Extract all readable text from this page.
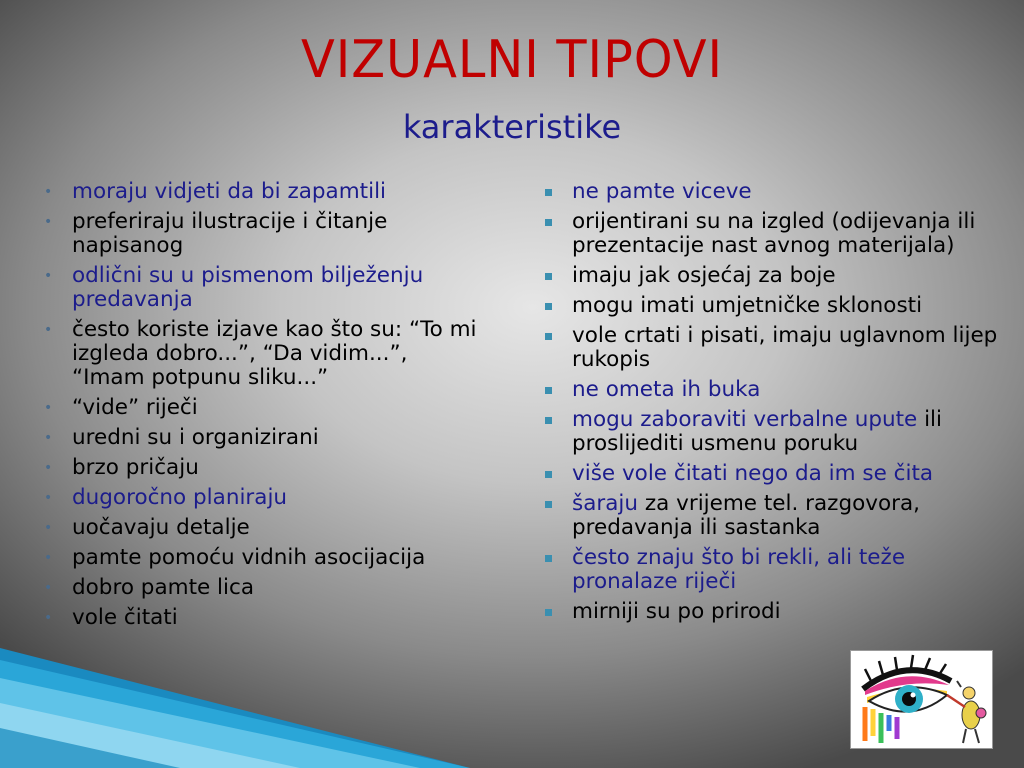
VIZUALNI TIPOVI
karakteristike
• moraju vidjeti da bi zapamtili
• preferiraju ilustracije i čitanje napisanog
• odlični su u pismenom bilježenju predavanja
• često koriste izjave kao što su: “To mi izgleda dobro...”, “Da vidim...”, “Imam potpunu sliku...”
• “vide” riječi
• uredni su i organizirani
• brzo pričaju
• dugoročno planiraju
• uočavaju detalje
• pamte pomoću vidnih asocijacija
• dobro pamte lica
• vole čitati
ne pamte viceve
orijentirani su na izgled (odijevanja ili prezentacije nast avnog materijala)
imaju jak osjećaj za boje
mogu imati umjetničke sklonosti
vole crtati i pisati, imaju uglavnom lijep rukopis
ne ometa ih buka
mogu zaboraviti verbalne upute ili proslijediti usmenu poruku
više vole čitati nego da im se čita
šaraju za vrijeme tel. razgovora, predavanja ili sastanka
često znaju što bi rekli, ali teže pronalaze riječi
mirniji su po prirodi
